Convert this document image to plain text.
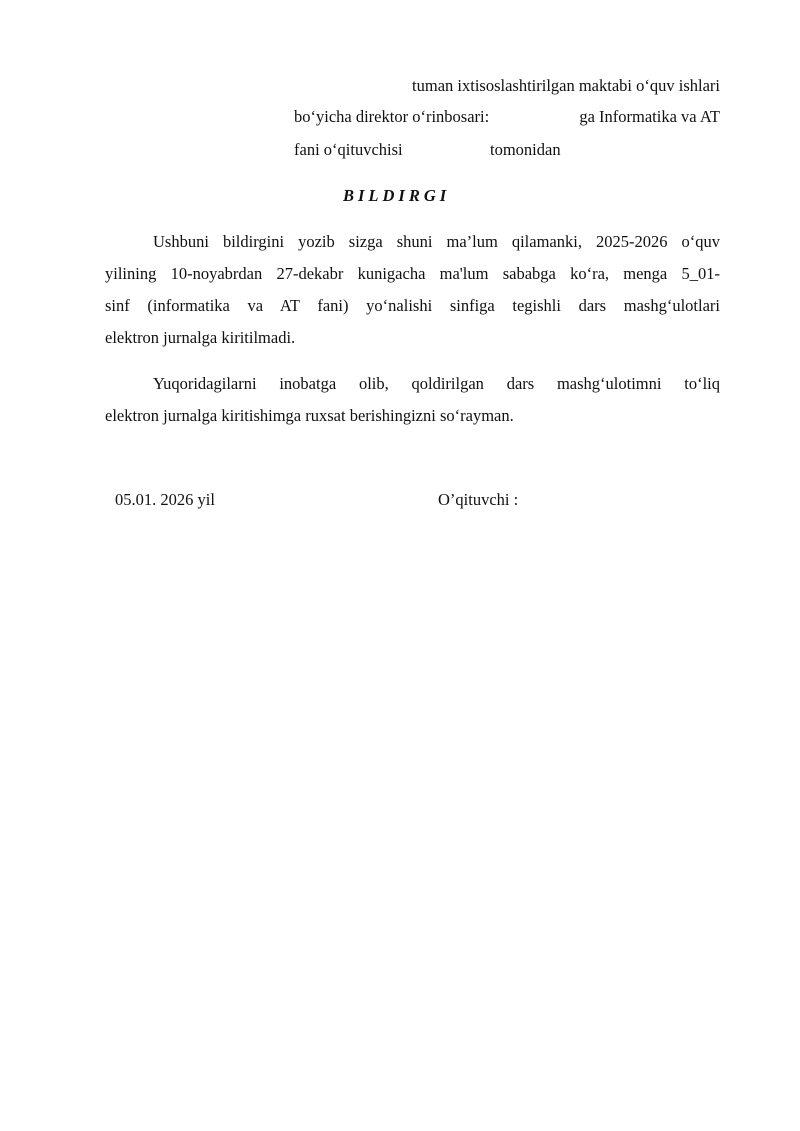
tuman ixtisoslashtirilgan maktabi o‘quv ishlari
bo‘yicha direktor o‘rinbosari:	ga Informatika va AT
fani o‘qituvchisi	tomonidan
BILDIRGI
Ushbuni bildirgini yozib sizga shuni ma’lum qilamanki, 2025-2026 o‘quv
yilining 10-noyabrdan 27-dekabr kunigacha ma'lum sababga ko‘ra, menga 5_01-
sinf (informatika va AT fani) yo‘nalishi sinfiga tegishli dars mashg‘ulotlari
elektron jurnalga kiritilmadi.
Yuqoridagilarni inobatga olib, qoldirilgan dars mashg‘ulotimni to‘liq
elektron jurnalga kiritishimga ruxsat berishingizni so‘rayman.
05.01. 2026 yil	O’qituvchi :
